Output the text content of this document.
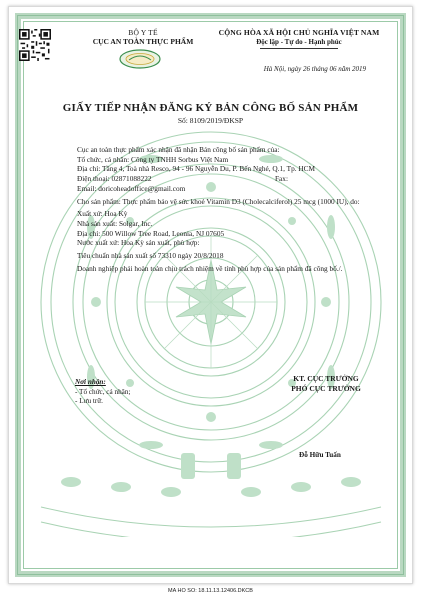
BỘ Y TẾ
CỤC AN TOÀN THỰC PHẨM
CỘNG HÒA XÃ HỘI CHỦ NGHĨA VIỆT NAM
Độc lập - Tự do - Hạnh phúc
Hà Nội, ngày 26 tháng 06 năm 2019
GIẤY TIẾP NHẬN ĐĂNG KÝ BẢN CÔNG BỐ SẢN PHẨM
Số: 8109/2019/ĐKSP
Cục an toàn thực phẩm xác nhận đã nhận Bản công bố sản phẩm của:
Tổ chức, cá nhân: Công ty TNHH Sorbus Việt Nam
Địa chỉ: Tầng 4, Toà nhà Resco, 94 - 96 Nguyễn Du, P. Bến Nghé, Q.1, Tp. HCM
Điện thoại: 02871088222	Fax:
Email: doricoheadoffice@gmail.com
Cho sản phẩm: Thực phẩm bảo vệ sức khoẻ Vitamin D3 (Cholecalciferol) 25 mcg (1000 IU), do:
Xuất xứ: Hoa Kỳ
Nhà sản xuất: Solgar, Inc.
Địa chỉ: 500 Willow Tree Road, Leonia, NJ 07605
Nước xuất xứ: Hoa Kỳ sản xuất, phù hợp:
Tiêu chuẩn nhà sản xuất số 73310 ngày 20/8/2018
Doanh nghiệp phải hoàn toàn chịu trách nhiệm về tính phù hợp của sản phẩm đã công bố./.
Nơi nhận:
- Tổ chức, cá nhân;
- Lưu trữ.
KT. CỤC TRƯỞNG
PHÓ CỤC TRƯỞNG
Đỗ Hữu Tuấn
MA HO SO: 18.11.13.12406.DKCB
